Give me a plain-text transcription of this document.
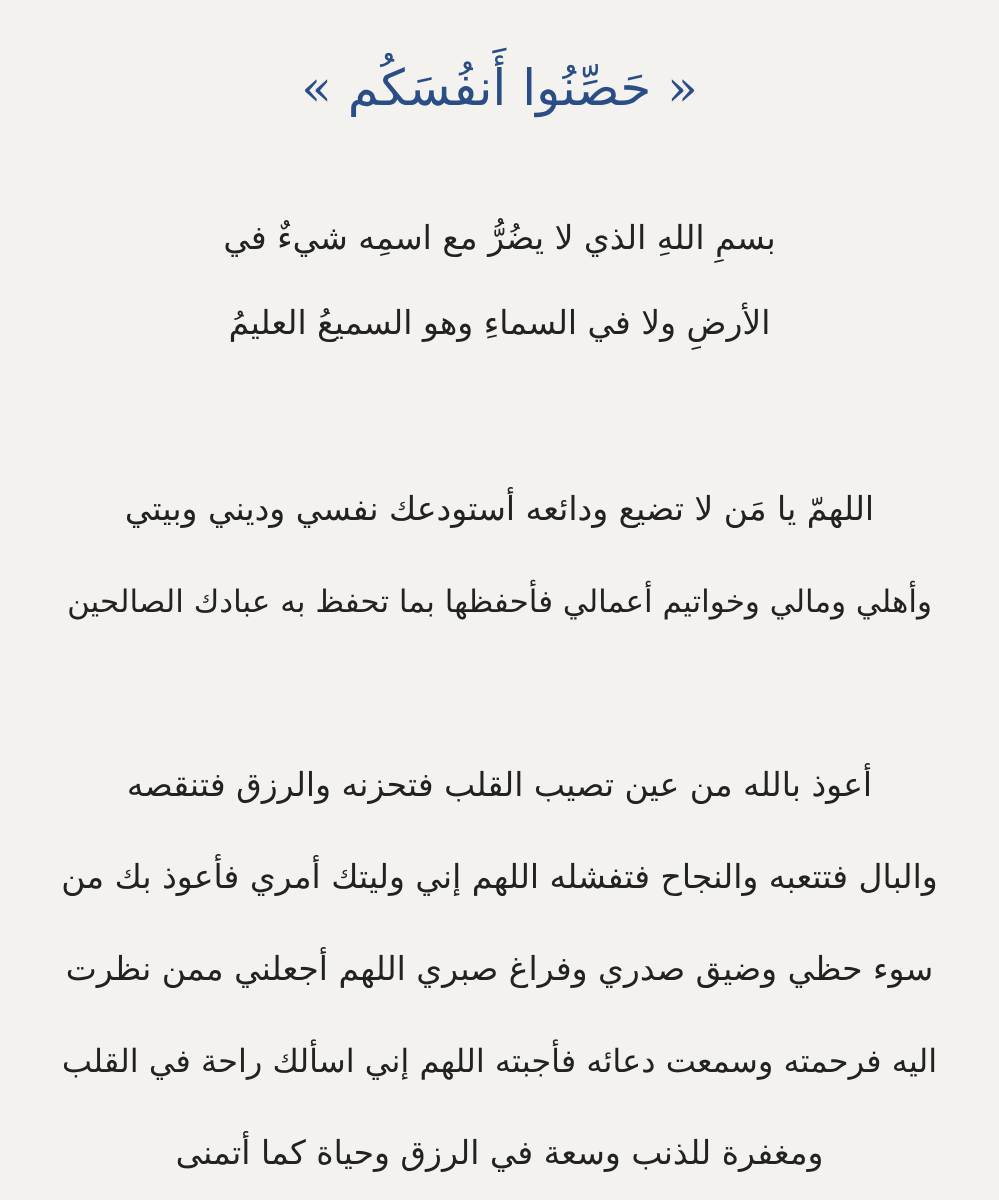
« حَصِّنُوا أَنفُسَكُم »
بسمِ اللهِ الذي لا يضُرُّ مع اسمِه شيءٌ في
الأرضِ ولا في السماءِ وهو السميعُ العليمُ
اللهمّ يا مَن لا تضيع ودائعه أستودعك نفسي وديني وبيتي
وأهلي ومالي وخواتيم أعمالي فأحفظها بما تحفظ به عبادك الصالحين
أعوذ بالله من عين تصيب القلب فتحزنه والرزق فتنقصه
والبال فتتعبه والنجاح فتفشله اللهم إني وليتك أمري فأعوذ بك من
سوء حظي وضيق صدري وفراغ صبري اللهم أجعلني ممن نظرت
اليه فرحمته وسمعت دعائه فأجبته اللهم إني اسألك راحة في القلب
ومغفرة للذنب وسعة في الرزق وحياة كما أتمنى
